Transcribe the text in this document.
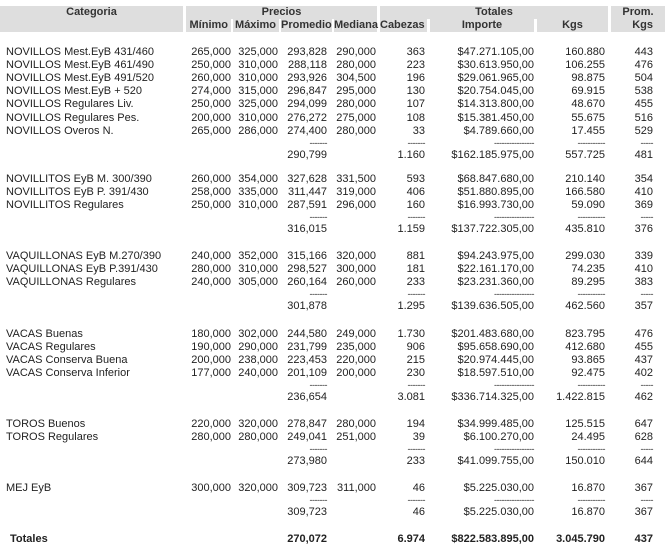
Categoria	Precios	Totales	Prom.
Mínimo Máximo Promedio Mediana Cabezas	Importe	Kgs	Kgs
NOVILLOS Mest.EyB 431/460	265,000 325,000 293,828 290,000	363	$47.271.105,00	160.880	443
NOVILLOS Mest.EyB 461/490	250,000 310,000 288,118 280,000	223	$30.613.950,00	106.255	476
NOVILLOS Mest.EyB 491/520	260,000 310,000 293,926 304,500	196	$29.061.965,00	98.875	504
NOVILLOS Mest.EyB + 520	274,000 315,000 296,847 295,000	130	$20.754.045,00	69.915	538
NOVILLOS Regulares Liv.	250,000 325,000 294,099 280,000	107	$14.313.800,00	48.670	455
NOVILLOS Regulares Pes.	200,000 310,000 276,272 275,000	108	$15.381.450,00	55.675	516
NOVILLOS Overos N.	265,000 286,000 274,400 280,000	33	$4.789.660,00	17.455	529
-------	-------	----------------	-----------	-----
290,799	1.160	$162.185.975,00	557.725	481
NOVILLITOS EyB M. 300/390	260,000 354,000 327,628 331,500	593	$68.847.680,00	210.140	354
NOVILLITOS EyB P. 391/430	258,000 335,000 311,447 319,000	406	$51.880.895,00	166.580	410
NOVILLITOS Regulares	250,000 310,000 287,591 296,000	160	$16.993.730,00	59.090	369
-------	-------	----------------	-----------	-----
316,015	1.159	$137.722.305,00	435.810	376
VAQUILLONAS EyB M.270/390	240,000 352,000 315,166 320,000	881	$94.243.975,00	299.030	339
VAQUILLONAS EyB P.391/430	280,000 310,000 298,527 300,000	181	$22.161.170,00	74.235	410
VAQUILLONAS Regulares	240,000 305,000 260,164 260,000	233	$23.231.360,00	89.295	383
-------	-------	----------------	-----------	-----
301,878	1.295	$139.636.505,00	462.560	357
VACAS Buenas	180,000 302,000 244,580 249,000	1.730	$201.483.680,00	823.795	476
VACAS Regulares	190,000 290,000 231,799 235,000	906	$95.658.690,00	412.680	455
VACAS Conserva Buena	200,000 238,000 223,453 220,000	215	$20.974.445,00	93.865	437
VACAS Conserva Inferior	177,000 240,000 201,109 200,000	230	$18.597.510,00	92.475	402
-------	-------	----------------	-----------	-----
236,654	3.081	$336.714.325,00	1.422.815	462
TOROS Buenos	220,000 320,000 278,847 280,000	194	$34.999.485,00	125.515	647
TOROS Regulares	280,000 280,000 249,041 251,000	39	$6.100.270,00	24.495	628
-------	-------	----------------	-----------	-----
273,980	233	$41.099.755,00	150.010	644
MEJ EyB	300,000 320,000 309,723 311,000	46	$5.225.030,00	16.870	367
-------	-------	----------------	-----------	-----
309,723	46	$5.225.030,00	16.870	367
Totales	270,072	6.974	$822.583.895,00	3.045.790	437
